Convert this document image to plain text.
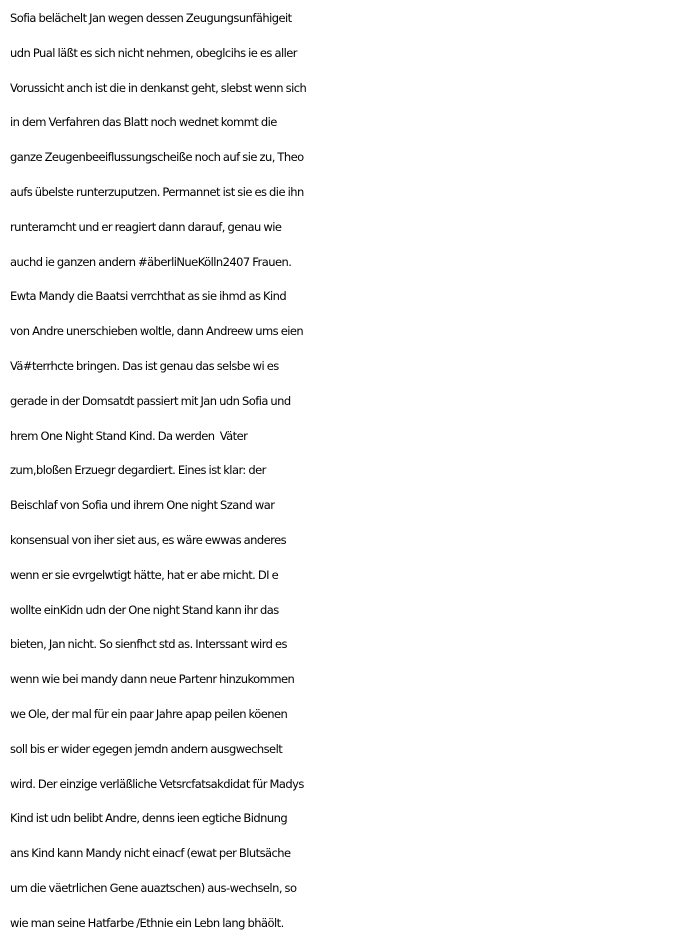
Sofia belächelt Jan wegen dessen Zeugungsunfähigeit
udn Pual läßt es sich nicht nehmen, obeglcihs ie es aller
Vorussicht anch ist die in denkanst geht, slebst wenn sich
in dem Verfahren das Blatt noch wednet kommt die
ganze Zeugenbeeiflussungscheiße noch auf sie zu, Theo
aufs übelste runterzuputzen. Permannet ist sie es die ihn
runteramcht und er reagiert dann darauf, genau wie
auchd ie ganzen andern #äberliNueKölln2407 Frauen.
Ewta Mandy die Baatsi verrchthat as sie ihmd as Kind
von Andre unerschieben woltle, dann Andreew ums eien
Vä#terrhcte bringen. Das ist genau das selsbe wi es
gerade in der Domsatdt passiert mit Jan udn Sofia und
hrem One Night Stand Kind. Da werden  Väter
zum,bloßen Erzuegr degardiert. Eines ist klar: der
Beischlaf von Sofia und ihrem One night Szand war
konsensual von iher siet aus, es wäre ewwas anderes
wenn er sie evrgelwtigt hätte, hat er abe rnicht. DI e
wollte einKidn udn der One night Stand kann ihr das
bieten, Jan nicht. So sienfhct std as. Interssant wird es
wenn wie bei mandy dann neue Partenr hinzukommen
we Ole, der mal für ein paar Jahre apap peilen köenen
soll bis er wider egegen jemdn andern ausgwechselt
wird. Der einzige verläßliche Vetsrcfatsakdidat für Madys
Kind ist udn belibt Andre, denns ieen egtiche Bidnung
ans Kind kann Mandy nicht einacf (ewat per Blutsäche
um die väetrlichen Gene auaztschen) aus-wechseln, so
wie man seine Hatfarbe /Ethnie ein Lebn lang bhäölt.
